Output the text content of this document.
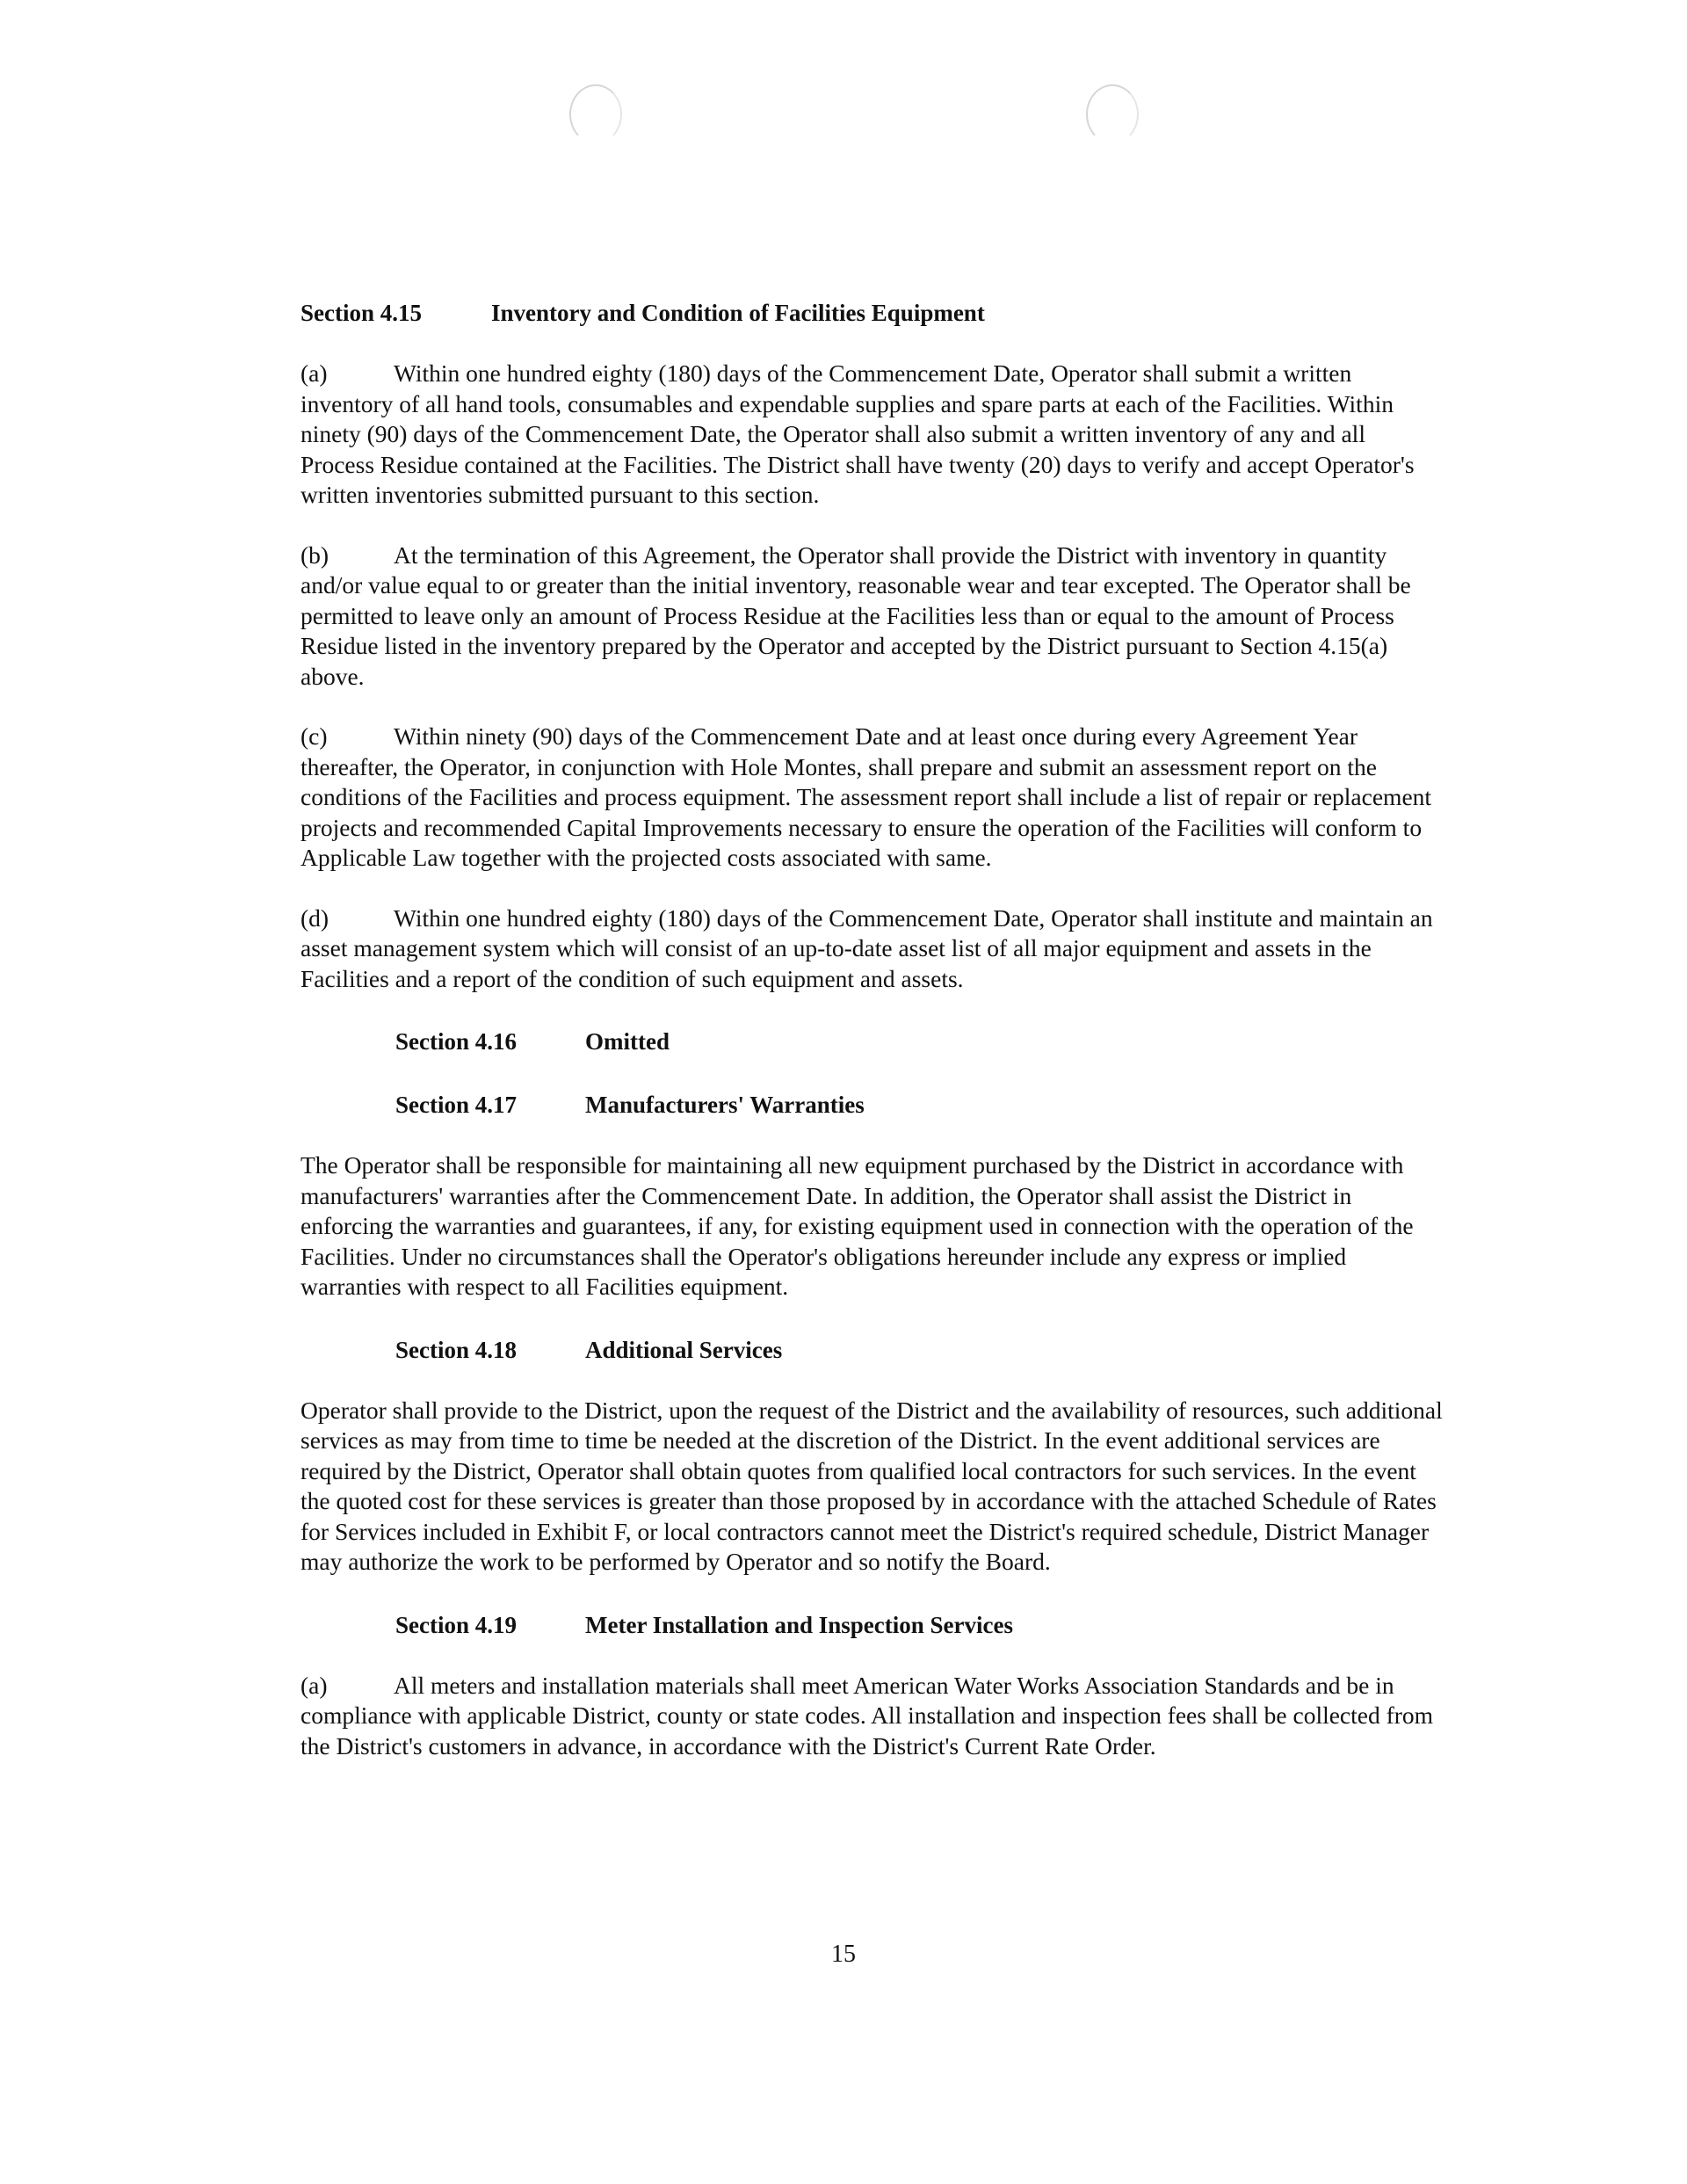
Section 4.15	Inventory and Condition of Facilities Equipment

(a)	Within one hundred eighty (180) days of the Commencement Date, Operator shall submit a written inventory of all hand tools, consumables and expendable supplies and spare parts at each of the Facilities. Within ninety (90) days of the Commencement Date, the Operator shall also submit a written inventory of any and all Process Residue contained at the Facilities. The District shall have twenty (20) days to verify and accept Operator's written inventories submitted pursuant to this section.

(b)	At the termination of this Agreement, the Operator shall provide the District with inventory in quantity and/or value equal to or greater than the initial inventory, reasonable wear and tear excepted. The Operator shall be permitted to leave only an amount of Process Residue at the Facilities less than or equal to the amount of Process Residue listed in the inventory prepared by the Operator and accepted by the District pursuant to Section 4.15(a) above.

(c)	Within ninety (90) days of the Commencement Date and at least once during every Agreement Year thereafter, the Operator, in conjunction with Hole Montes, shall prepare and submit an assessment report on the conditions of the Facilities and process equipment. The assessment report shall include a list of repair or replacement projects and recommended Capital Improvements necessary to ensure the operation of the Facilities will conform to Applicable Law together with the projected costs associated with same.

(d)	Within one hundred eighty (180) days of the Commencement Date, Operator shall institute and maintain an asset management system which will consist of an up-to-date asset list of all major equipment and assets in the Facilities and a report of the condition of such equipment and assets.

Section 4.16	Omitted
Section 4.17	Manufacturers' Warranties

The Operator shall be responsible for maintaining all new equipment purchased by the District in accordance with manufacturers' warranties after the Commencement Date. In addition, the Operator shall assist the District in enforcing the warranties and guarantees, if any, for existing equipment used in connection with the operation of the Facilities. Under no circumstances shall the Operator's obligations hereunder include any express or implied warranties with respect to all Facilities equipment.

Section 4.18	Additional Services

Operator shall provide to the District, upon the request of the District and the availability of resources, such additional services as may from time to time be needed at the discretion of the District. In the event additional services are required by the District, Operator shall obtain quotes from qualified local contractors for such services. In the event the quoted cost for these services is greater than those proposed by in accordance with the attached Schedule of Rates for Services included in Exhibit F, or local contractors cannot meet the District's required schedule, District Manager may authorize the work to be performed by Operator and so notify the Board.

Section 4.19	Meter Installation and Inspection Services

(a)	All meters and installation materials shall meet American Water Works Association Standards and be in compliance with applicable District, county or state codes. All installation and inspection fees shall be collected from the District's customers in advance, in accordance with the District's Current Rate Order.

15
